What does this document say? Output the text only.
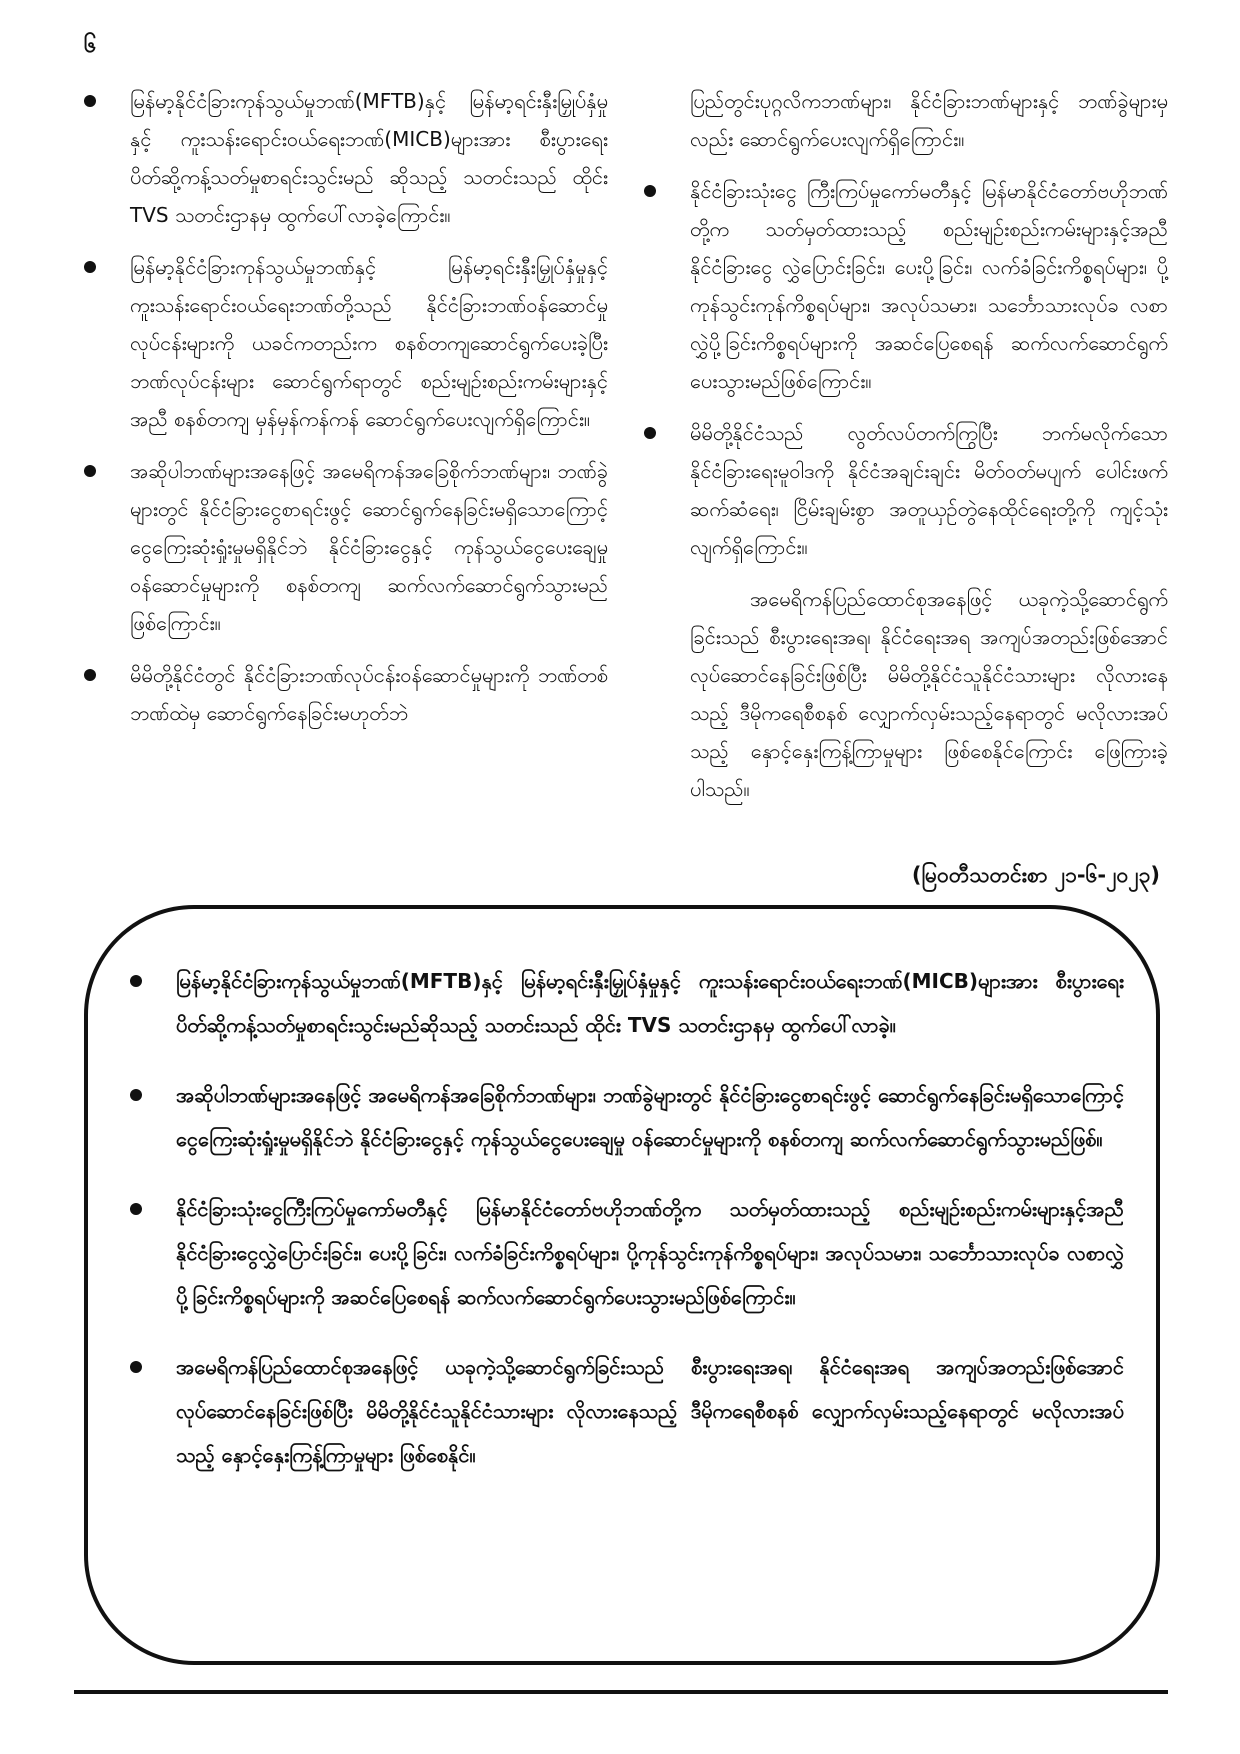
၆
မြန်မာ့နိုင်ငံခြားကုန်သွယ်မှုဘဏ်(MFTB)နှင့် မြန်မာ့ရင်းနှီးမြှုပ်နှံမှုနှင့် ကူးသန်းရောင်းဝယ်ရေးဘဏ်(MICB)များအား စီးပွားရေးပိတ်ဆို့ကန့်သတ်မှုစာရင်းသွင်းမည် ဆိုသည့် သတင်းသည် ထိုင်း TVS သတင်းဌာနမှ ထွက်ပေါ်လာခဲ့ကြောင်း။
မြန်မာ့နိုင်ငံခြားကုန်သွယ်မှုဘဏ်နှင့် မြန်မာ့ရင်းနှီးမြှုပ်နှံမှုနှင့် ကူးသန်းရောင်းဝယ်ရေးဘဏ်တို့သည် နိုင်ငံခြားဘဏ်ဝန်ဆောင်မှုလုပ်ငန်းများကို ယခင်ကတည်းက စနစ်တကျဆောင်ရွက်ပေးခဲ့ပြီး ဘဏ်လုပ်ငန်းများ ဆောင်ရွက်ရာတွင် စည်းမျဉ်းစည်းကမ်းများနှင့်အညီ စနစ်တကျ မှန်မှန်ကန်ကန် ဆောင်ရွက်ပေးလျက်ရှိကြောင်း။
အဆိုပါဘဏ်များအနေဖြင့် အမေရိကန်အခြေစိုက်ဘဏ်များ၊ ဘဏ်ခွဲများတွင် နိုင်ငံခြားငွေစာရင်းဖွင့် ဆောင်ရွက်နေခြင်းမရှိသောကြောင့် ငွေကြေးဆုံးရှုံးမှုမရှိနိုင်ဘဲ နိုင်ငံခြားငွေနှင့် ကုန်သွယ်ငွေပေးချေမှု ဝန်ဆောင်မှုများကို စနစ်တကျ ဆက်လက်ဆောင်ရွက်သွားမည်ဖြစ်ကြောင်း။
မိမိတို့နိုင်ငံတွင် နိုင်ငံခြားဘဏ်လုပ်ငန်းဝန်ဆောင်မှုများကို ဘဏ်တစ်ဘဏ်ထဲမှ ဆောင်ရွက်နေခြင်းမဟုတ်ဘဲ
ပြည်တွင်းပုဂ္ဂလိကဘဏ်များ၊ နိုင်ငံခြားဘဏ်များနှင့် ဘဏ်ခွဲများမှလည်း ဆောင်ရွက်ပေးလျက်ရှိကြောင်း။
နိုင်ငံခြားသုံးငွေ ကြီးကြပ်မှုကော်မတီနှင့် မြန်မာနိုင်ငံတော်ဗဟိုဘဏ်တို့က သတ်မှတ်ထားသည့် စည်းမျဉ်းစည်းကမ်းများနှင့်အညီ နိုင်ငံခြားငွေ လွှဲပြောင်းခြင်း၊ ပေးပို့ခြင်း၊ လက်ခံခြင်းကိစ္စရပ်များ၊ ပို့ကုန်သွင်းကုန်ကိစ္စရပ်များ၊ အလုပ်သမား၊ သင်္ဘောသားလုပ်ခ လစာလွှဲပို့ခြင်းကိစ္စရပ်များကို အဆင်ပြေစေရန် ဆက်လက်ဆောင်ရွက်ပေးသွားမည်ဖြစ်ကြောင်း။
မိမိတို့နိုင်ငံသည် လွတ်လပ်တက်ကြွပြီး ဘက်မလိုက်သော နိုင်ငံခြားရေးမူဝါဒကို နိုင်ငံအချင်းချင်း မိတ်ဝတ်မပျက် ပေါင်းဖက်ဆက်ဆံရေး၊ ငြိမ်းချမ်းစွာ အတူယှဉ်တွဲနေထိုင်ရေးတို့ကို ကျင့်သုံးလျက်ရှိကြောင်း။

အမေရိကန်ပြည်ထောင်စုအနေဖြင့် ယခုကဲ့သို့ဆောင်ရွက်ခြင်းသည် စီးပွားရေးအရ၊ နိုင်ငံရေးအရ အကျပ်အတည်းဖြစ်အောင် လုပ်ဆောင်နေခြင်းဖြစ်ပြီး မိမိတို့နိုင်ငံသူနိုင်ငံသားများ လိုလားနေသည့် ဒီမိုကရေစီစနစ် လျှောက်လှမ်းသည့်နေရာတွင် မလိုလားအပ်သည့် နှောင့်နှေးကြန့်ကြာမှုများ ဖြစ်စေနိုင်ကြောင်း ဖြေကြားခဲ့ပါသည်။

(မြဝတီသတင်းစာ ၂၁-၆-၂၀၂၃)
မြန်မာ့နိုင်ငံခြားကုန်သွယ်မှုဘဏ်(MFTB)နှင့် မြန်မာ့ရင်းနှီးမြှုပ်နှံမှုနှင့် ကူးသန်းရောင်းဝယ်ရေးဘဏ်(MICB)များအား စီးပွားရေးပိတ်ဆို့ကန့်သတ်မှုစာရင်းသွင်းမည်ဆိုသည့် သတင်းသည် ထိုင်း TVS သတင်းဌာနမှ ထွက်ပေါ်လာခဲ့။
အဆိုပါဘဏ်များအနေဖြင့် အမေရိကန်အခြေစိုက်ဘဏ်များ၊ ဘဏ်ခွဲများတွင် နိုင်ငံခြားငွေစာရင်းဖွင့် ဆောင်ရွက်နေခြင်းမရှိသောကြောင့် ငွေကြေးဆုံးရှုံးမှုမရှိနိုင်ဘဲ နိုင်ငံခြားငွေနှင့် ကုန်သွယ်ငွေပေးချေမှု ဝန်ဆောင်မှုများကို စနစ်တကျ ဆက်လက်ဆောင်ရွက်သွားမည်ဖြစ်။
နိုင်ငံခြားသုံးငွေကြီးကြပ်မှုကော်မတီနှင့် မြန်မာနိုင်ငံတော်ဗဟိုဘဏ်တို့က သတ်မှတ်ထားသည့် စည်းမျဉ်းစည်းကမ်းများနှင့်အညီ နိုင်ငံခြားငွေလွှဲပြောင်းခြင်း၊ ပေးပို့ခြင်း၊ လက်ခံခြင်းကိစ္စရပ်များ၊ ပို့ကုန်သွင်းကုန်ကိစ္စရပ်များ၊ အလုပ်သမား၊ သင်္ဘောသားလုပ်ခ လစာလွှဲပို့ခြင်းကိစ္စရပ်များကို အဆင်ပြေစေရန် ဆက်လက်ဆောင်ရွက်ပေးသွားမည်ဖြစ်ကြောင်း။
အမေရိကန်ပြည်ထောင်စုအနေဖြင့် ယခုကဲ့သို့ဆောင်ရွက်ခြင်းသည် စီးပွားရေးအရ၊ နိုင်ငံရေးအရ အကျပ်အတည်းဖြစ်အောင် လုပ်ဆောင်နေခြင်းဖြစ်ပြီး မိမိတို့နိုင်ငံသူနိုင်ငံသားများ လိုလားနေသည့် ဒီမိုကရေစီစနစ် လျှောက်လှမ်းသည့်နေရာတွင် မလိုလားအပ်သည့် နှောင့်နှေးကြန့်ကြာမှုများ ဖြစ်စေနိုင်။
